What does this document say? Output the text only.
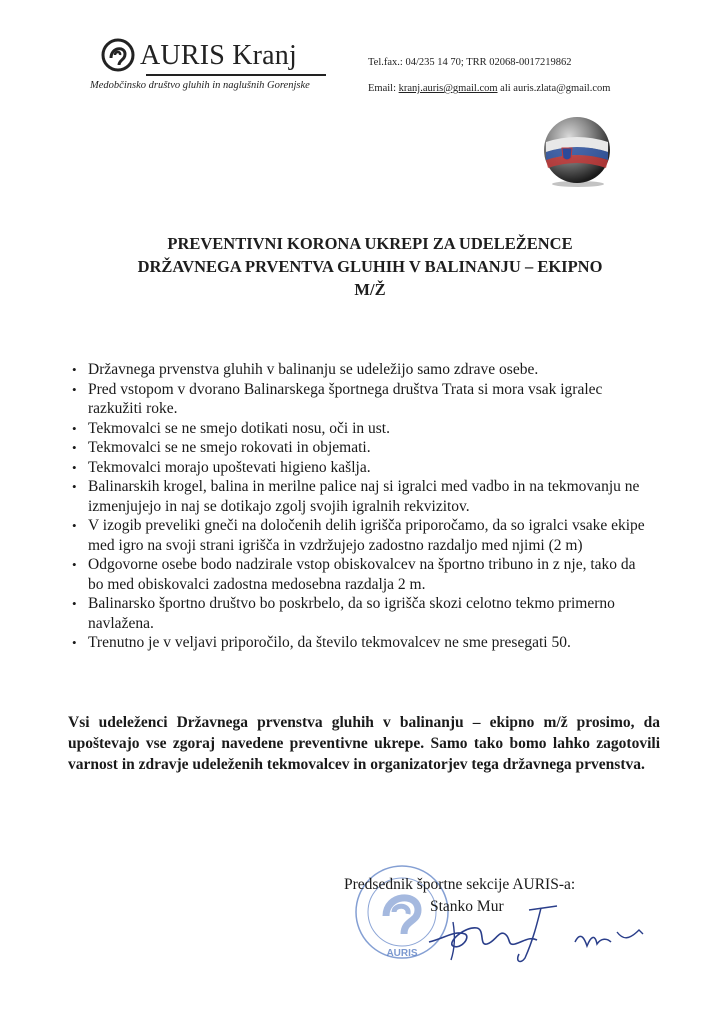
AURIS Kranj
Medobčinsko društvo gluhih in naglušnih Gorenjske
Tel.fax.: 04/235 14 70; TRR 02068-0017219862
Email: kranj.auris@gmail.com ali auris.zlata@gmail.com
PREVENTIVNI KORONA UKREPI ZA UDELEŽENCE
DRŽAVNEGA PRVENTVA GLUHIH V BALINANJU – EKIPNO
M/Ž
• Državnega prvenstva gluhih v balinanju se udeležijo samo zdrave osebe.
• Pred vstopom v dvorano Balinarskega športnega društva Trata si mora vsak igralec razkužiti roke.
• Tekmovalci se ne smejo dotikati nosu, oči in ust.
• Tekmovalci se ne smejo rokovati in objemati.
• Tekmovalci morajo upoštevati higieno kašlja.
• Balinarskih krogel, balina in merilne palice naj si igralci med vadbo in na tekmovanju ne izmenjujejo in naj se dotikajo zgolj svojih igralnih rekvizitov.
• V izogib preveliki gneči na določenih delih igrišča priporočamo, da so igralci vsake ekipe med igro na svoji strani igrišča in vzdržujejo zadostno razdaljo med njimi (2 m)
• Odgovorne osebe bodo nadzirale vstop obiskovalcev na športno tribuno in z nje, tako da bo med obiskovalci zadostna medosebna razdalja 2 m.
• Balinarsko športno društvo bo poskrbelo, da so igrišča skozi celotno tekmo primerno navlažena.
• Trenutno je v veljavi priporočilo, da število tekmovalcev ne sme presegati 50.
Vsi udeleženci Državnega prvenstva gluhih v balinanju – ekipno m/ž prosimo, da upoštevajo vse zgoraj navedene preventivne ukrepe. Samo tako bomo lahko zagotovili varnost in zdravje udeleženih tekmovalcev in organizatorjev tega državnega prvenstva.
AURIS
Predsednik športne sekcije AURIS-a:
Stanko Mur
